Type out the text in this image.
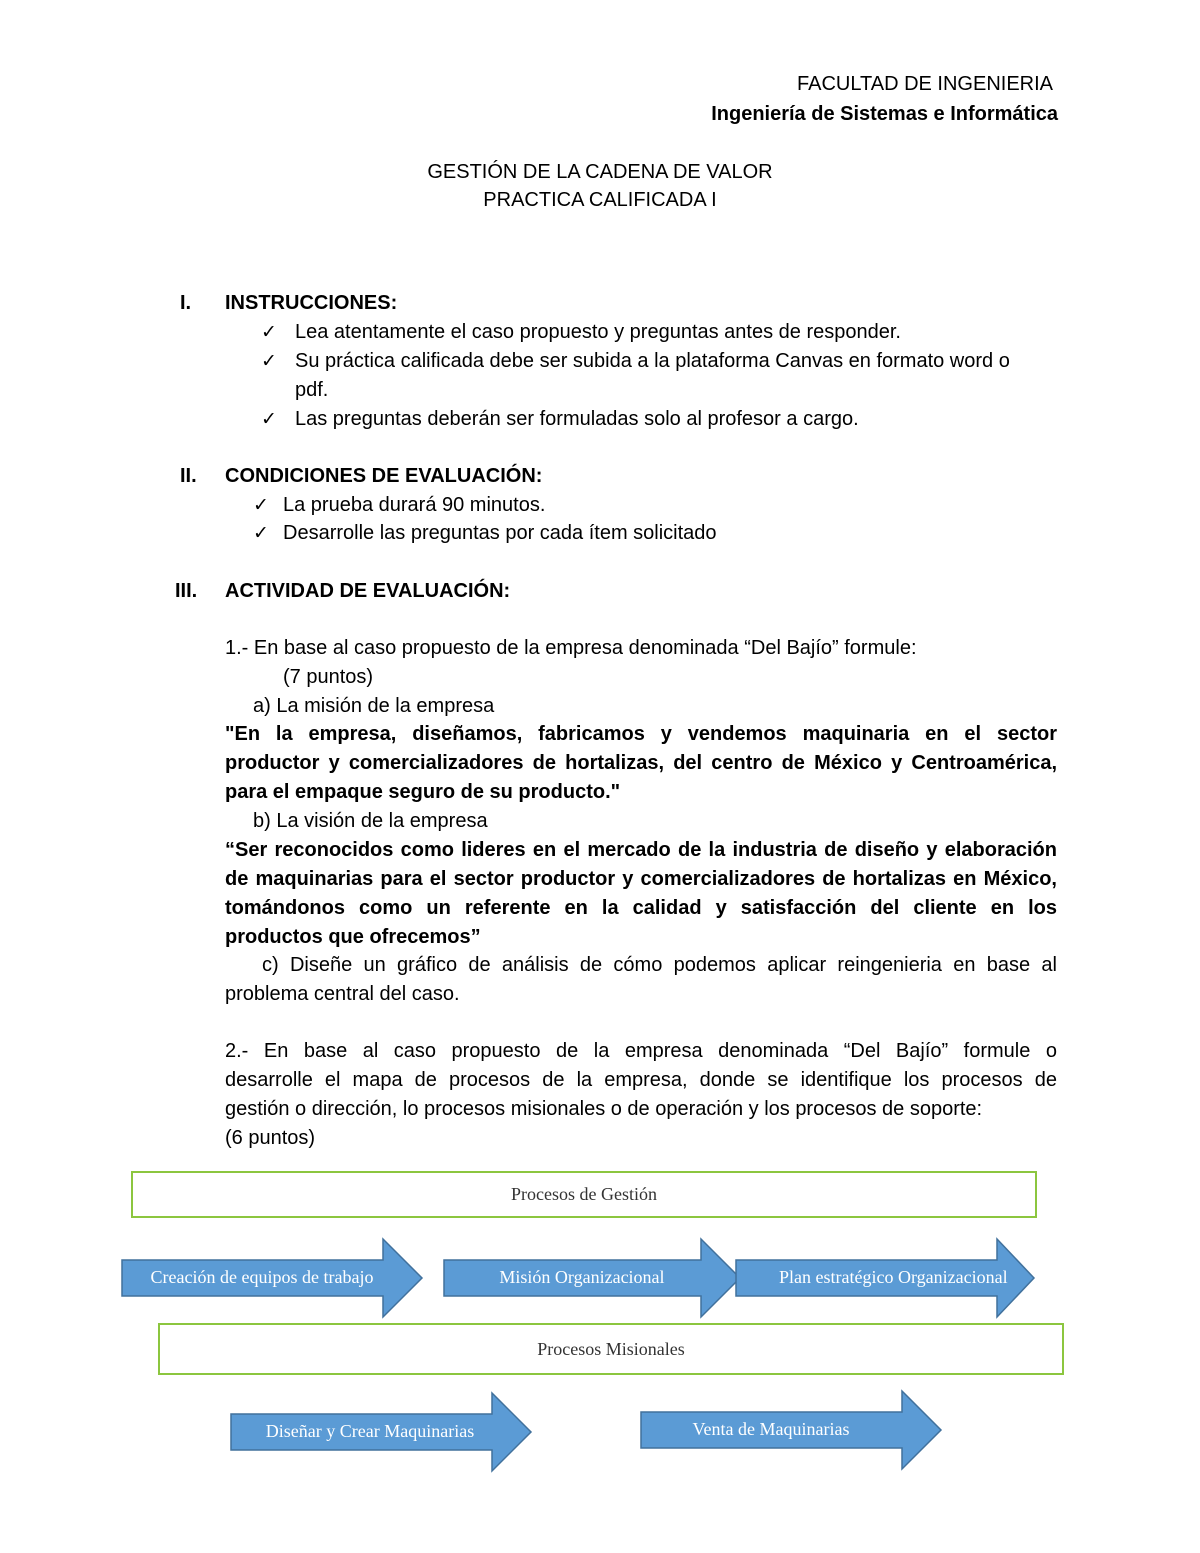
FACULTAD DE INGENIERIA
Ingeniería de Sistemas e Informática
GESTIÓN DE LA CADENA DE VALOR
PRACTICA CALIFICADA I
I. INSTRUCCIONES:
✓ Lea atentamente el caso propuesto y preguntas antes de responder.
✓ Su práctica calificada debe ser subida a la plataforma Canvas en formato word o
pdf.
✓ Las preguntas deberán ser formuladas solo al profesor a cargo.
II. CONDICIONES DE EVALUACIÓN:
✓ La prueba durará 90 minutos.
✓ Desarrolle las preguntas por cada ítem solicitado
III. ACTIVIDAD DE EVALUACIÓN:
1.- En base al caso propuesto de la empresa denominada “Del Bajío” formule:
(7 puntos)
a) La misión de la empresa
"En la empresa, diseñamos, fabricamos y vendemos maquinaria en el sector
productor y comercializadores de hortalizas, del centro de México y Centroamérica,
para el empaque seguro de su producto."
b) La visión de la empresa
“Ser reconocidos como lideres en el mercado de la industria de diseño y elaboración
de maquinarias para el sector productor y comercializadores de hortalizas en México,
tomándonos como un referente en la calidad y satisfacción del cliente en los
productos que ofrecemos”
c) Diseñe un gráfico de análisis de cómo podemos aplicar reingenieria en base al
problema central del caso.
2.- En base al caso propuesto de la empresa denominada “Del Bajío” formule o
desarrolle el mapa de procesos de la empresa, donde se identifique los procesos de
gestión o dirección, lo procesos misionales o de operación y los procesos de soporte:
(6 puntos)
Procesos de Gestión
Creación de equipos de trabajo	Misión Organizacional	Plan estratégico Organizacional
Procesos Misionales
Diseñar y Crear Maquinarias	Venta de Maquinarias
